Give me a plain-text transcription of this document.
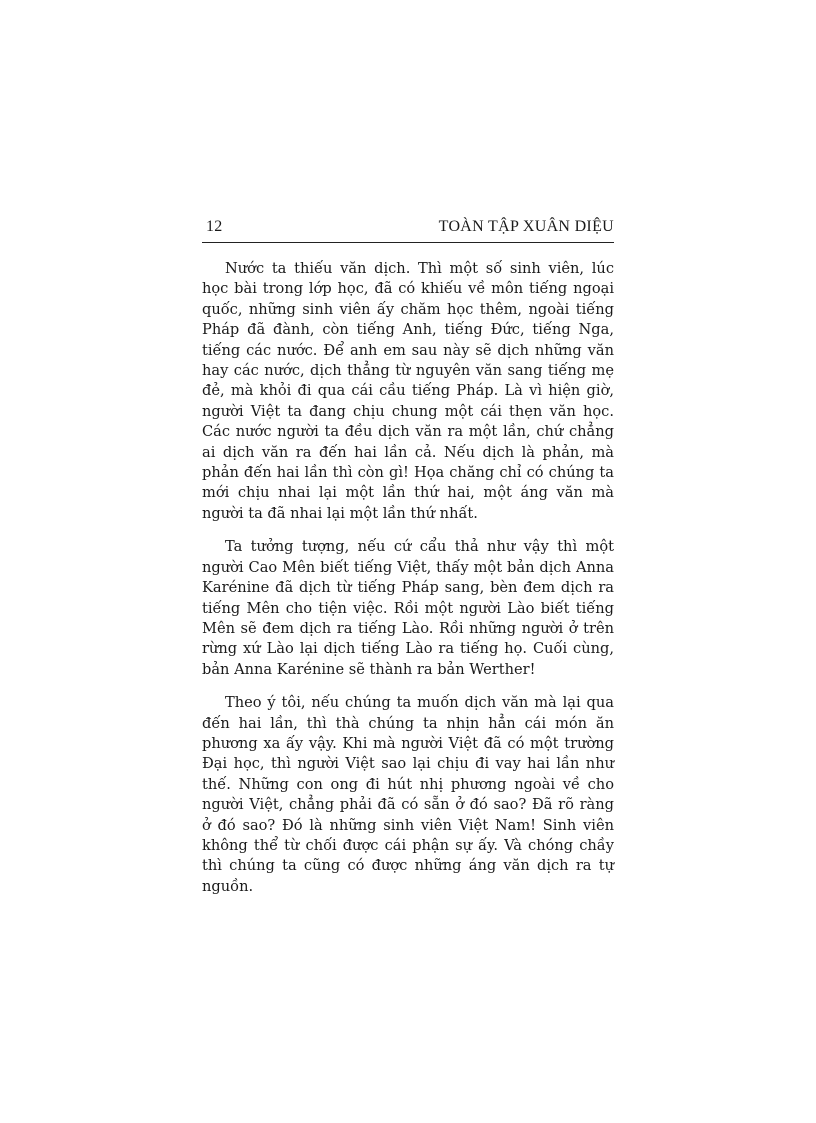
12	TOÀN TẬP XUÂN DIỆU

Nước ta thiếu văn dịch. Thì một số sinh viên, lúc học bài trong lớp học, đã có khiếu về môn tiếng ngoại quốc, những sinh viên ấy chăm học thêm, ngoài tiếng Pháp đã đành, còn tiếng Anh, tiếng Đức, tiếng Nga, tiếng các nước. Để anh em sau này sẽ dịch những văn hay các nước, dịch thẳng từ nguyên văn sang tiếng mẹ đẻ, mà khỏi đi qua cái cầu tiếng Pháp. Là vì hiện giờ, người Việt ta đang chịu chung một cái thẹn văn học. Các nước người ta đều dịch văn ra một lần, chứ chẳng ai dịch văn ra đến hai lần cả. Nếu dịch là phản, mà phản đến hai lần thì còn gì! Họa chăng chỉ có chúng ta mới chịu nhai lại một lần thứ hai, một áng văn mà người ta đã nhai lại một lần thứ nhất.

Ta tưởng tượng, nếu cứ cẩu thả như vậy thì một người Cao Mên biết tiếng Việt, thấy một bản dịch Anna Karénine đã dịch từ tiếng Pháp sang, bèn đem dịch ra tiếng Mên cho tiện việc. Rồi một người Lào biết tiếng Mên sẽ đem dịch ra tiếng Lào. Rồi những người ở trên rừng xứ Lào lại dịch tiếng Lào ra tiếng họ. Cuối cùng, bản Anna Karénine sẽ thành ra bản Werther!

Theo ý tôi, nếu chúng ta muốn dịch văn mà lại qua đến hai lần, thì thà chúng ta nhịn hẳn cái món ăn phương xa ấy vậy. Khi mà người Việt đã có một trường Đại học, thì người Việt sao lại chịu đi vay hai lần như thế. Những con ong đi hút nhị phương ngoài về cho người Việt, chẳng phải đã có sẵn ở đó sao? Đã rõ ràng ở đó sao? Đó là những sinh viên Việt Nam! Sinh viên không thể từ chối được cái phận sự ấy. Và chóng chầy thì chúng ta cũng có được những áng văn dịch ra tự nguồn.
